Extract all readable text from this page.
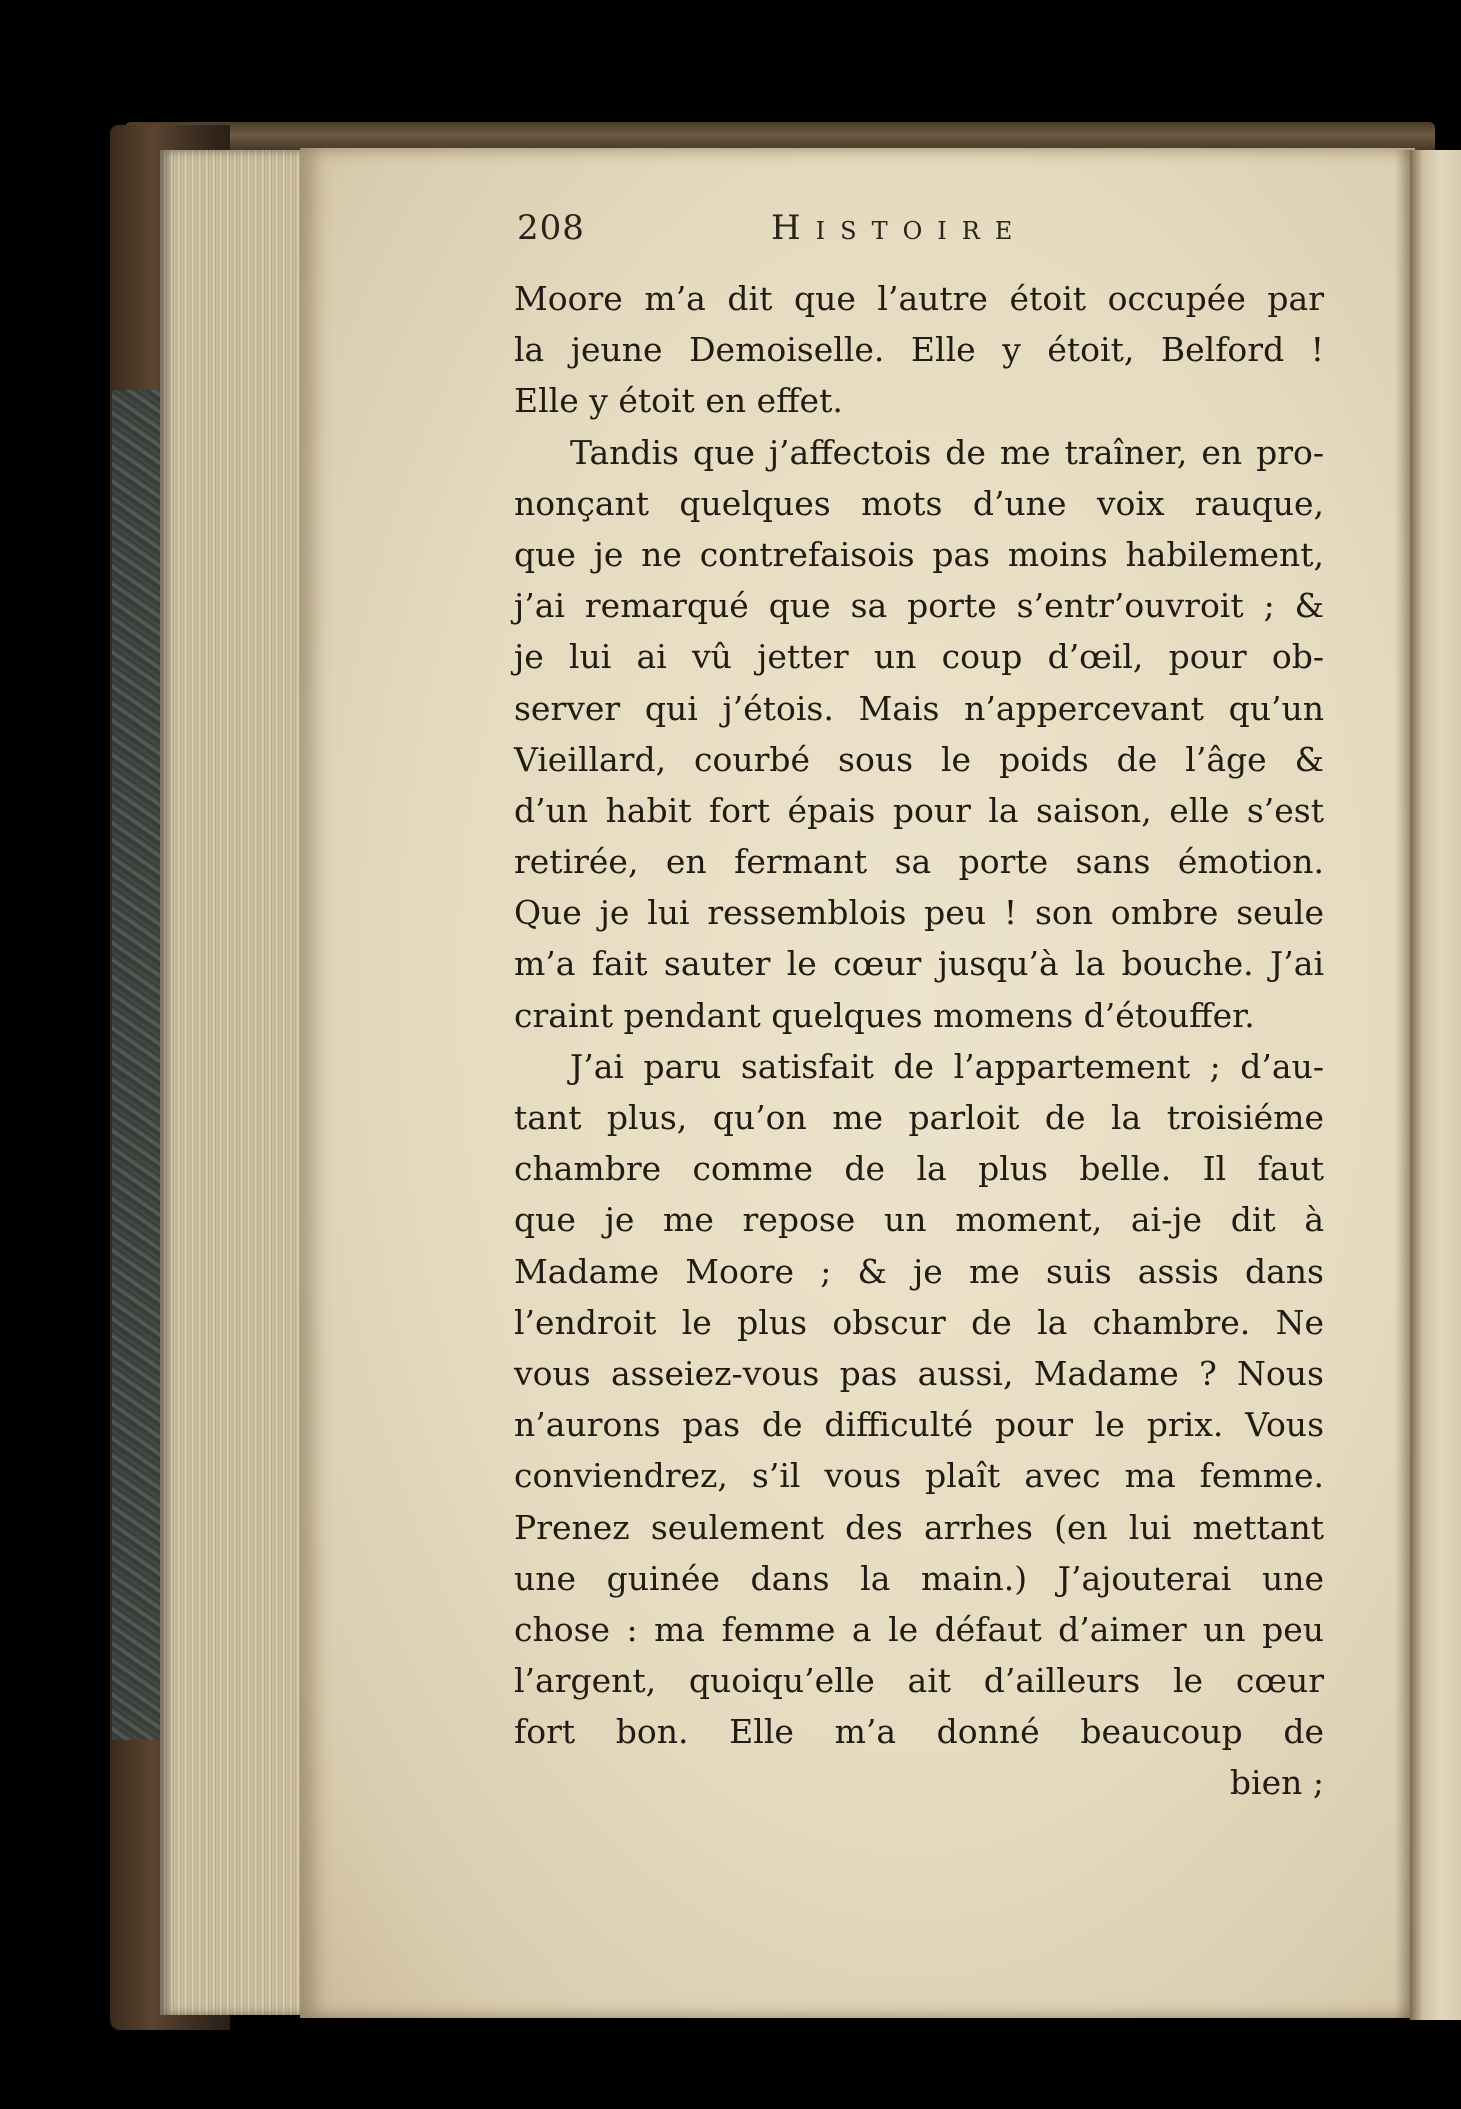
208	Histoire
Moore m’a dit que l’autre étoit occupée par
la jeune Demoiselle. Elle y étoit, Belford !
Elle y étoit en effet.
Tandis que j’affectois de me traîner, en pro-
nonçant quelques mots d’une voix rauque,
que je ne contrefaisois pas moins habilement,
j’ai remarqué que sa porte s’entr’ouvroit ; &
je lui ai vû jetter un coup d’œil, pour ob-
server qui j’étois. Mais n’appercevant qu’un
Vieillard, courbé sous le poids de l’âge &
d’un habit fort épais pour la saison, elle s’est
retirée, en fermant sa porte sans émotion.
Que je lui ressemblois peu ! son ombre seule
m’a fait sauter le cœur jusqu’à la bouche. J’ai
craint pendant quelques momens d’étouffer.
J’ai paru satisfait de l’appartement ; d’au-
tant plus, qu’on me parloit de la troisiéme
chambre comme de la plus belle. Il faut
que je me repose un moment, ai-je dit à
Madame Moore ; & je me suis assis dans
l’endroit le plus obscur de la chambre. Ne
vous asseiez-vous pas aussi, Madame ? Nous
n’aurons pas de difficulté pour le prix. Vous
conviendrez, s’il vous plaît avec ma femme.
Prenez seulement des arrhes (en lui mettant
une guinée dans la main.) J’ajouterai une
chose : ma femme a le défaut d’aimer un peu
l’argent, quoiqu’elle ait d’ailleurs le cœur
fort bon. Elle m’a donné beaucoup de
bien ;
